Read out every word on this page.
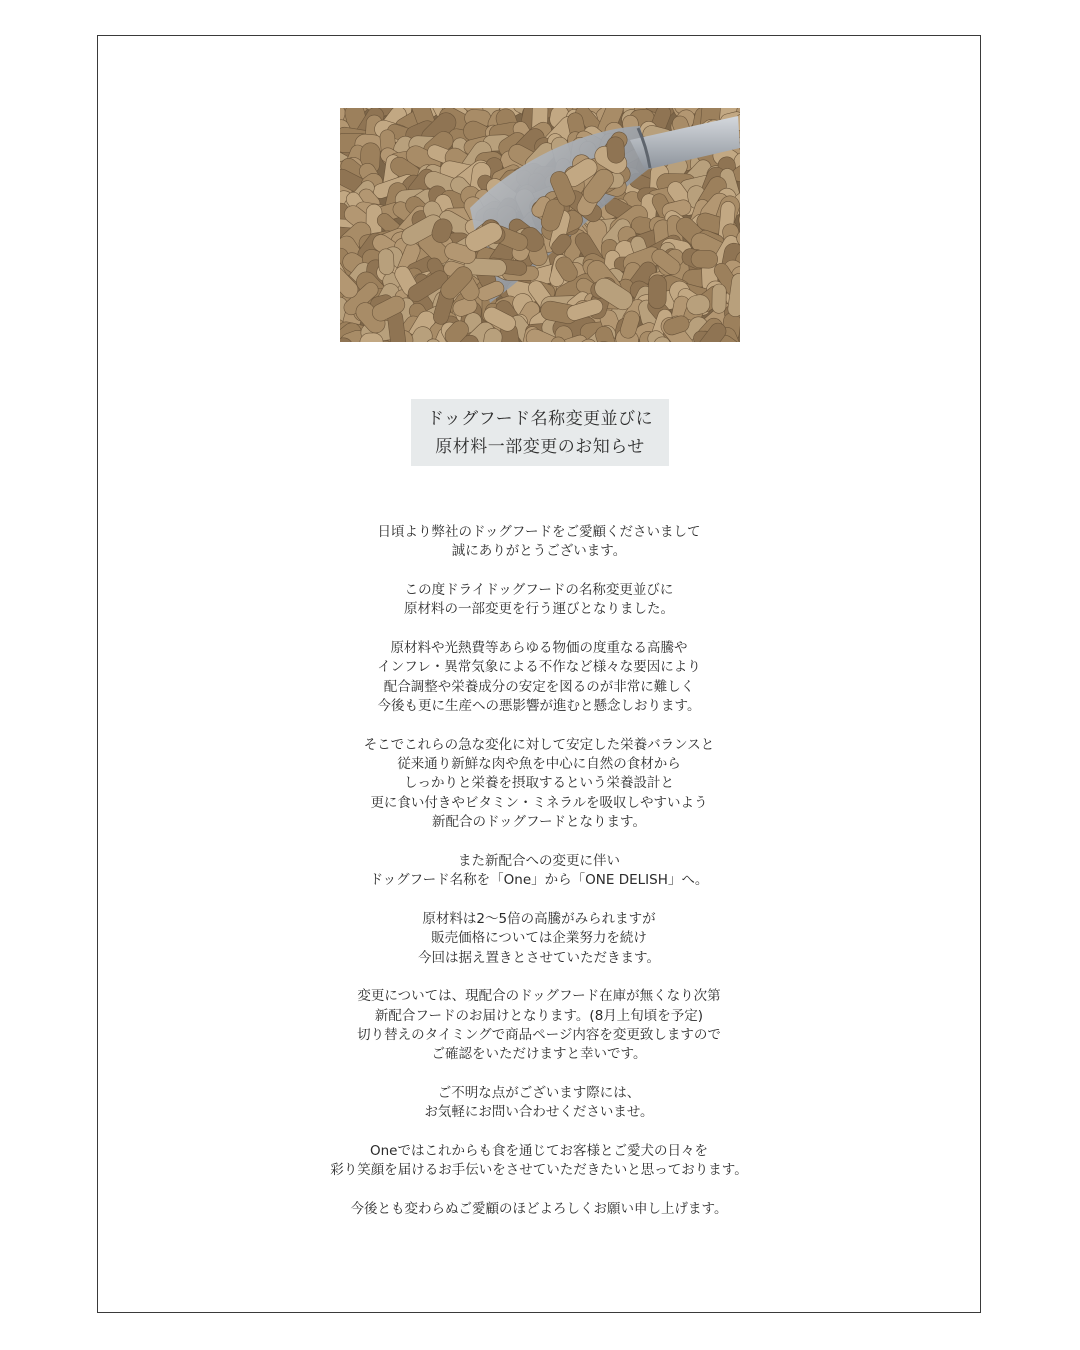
ドッグフード名称変更並びに
原材料一部変更のお知らせ
日頃より弊社のドッグフードをご愛顧くださいまして
誠にありがとうございます。
この度ドライドッグフードの名称変更並びに
原材料の一部変更を行う運びとなりました。
原材料や光熱費等あらゆる物価の度重なる高騰や
インフレ・異常気象による不作など様々な要因により
配合調整や栄養成分の安定を図るのが非常に難しく
今後も更に生産への悪影響が進むと懸念しおります。
そこでこれらの急な変化に対して安定した栄養バランスと
従来通り新鮮な肉や魚を中心に自然の食材から
しっかりと栄養を摂取するという栄養設計と
更に食い付きやビタミン・ミネラルを吸収しやすいよう
新配合のドッグフードとなります。
また新配合への変更に伴い
ドッグフード名称を「One」から「ONE DELISH」へ。
原材料は2〜5倍の高騰がみられますが
販売価格については企業努力を続け
今回は据え置きとさせていただきます。
変更については、現配合のドッグフード在庫が無くなり次第
新配合フードのお届けとなります。(8月上旬頃を予定)
切り替えのタイミングで商品ページ内容を変更致しますので
ご確認をいただけますと幸いです。
ご不明な点がございます際には、
お気軽にお問い合わせくださいませ。
Oneではこれからも食を通じてお客様とご愛犬の日々を
彩り笑顔を届けるお手伝いをさせていただきたいと思っております。
今後とも変わらぬご愛顧のほどよろしくお願い申し上げます。
